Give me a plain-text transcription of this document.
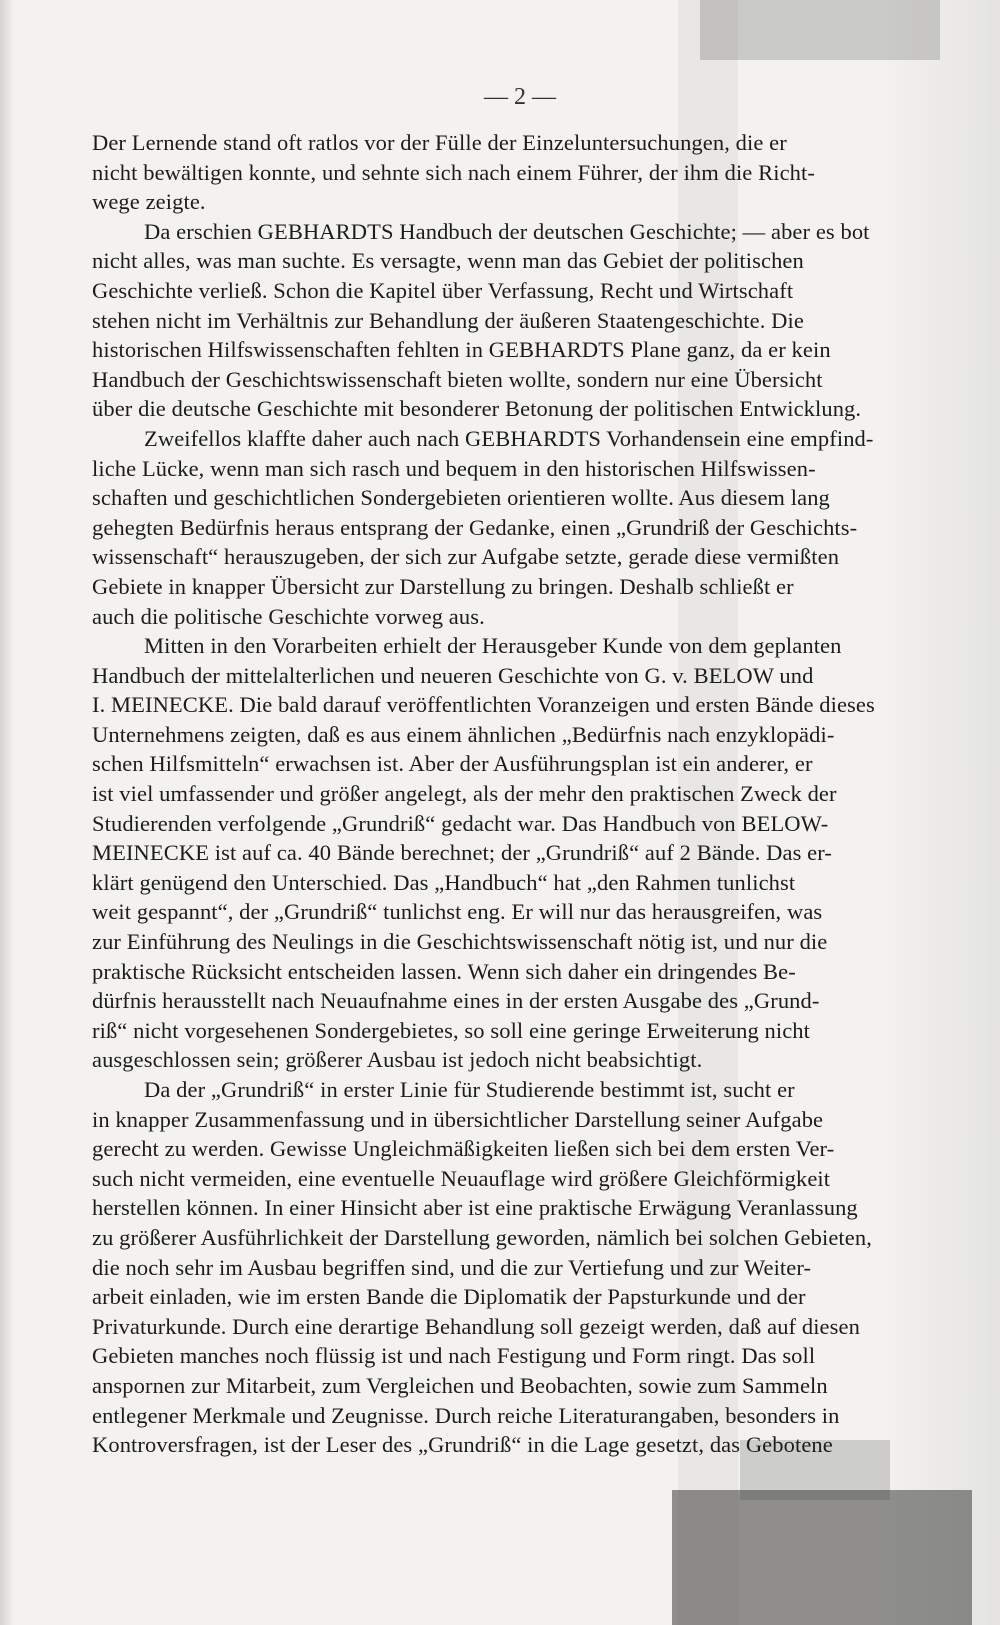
— 2 —
Der Lernende stand oft ratlos vor der Fülle der Einzeluntersuchungen, die er
nicht bewältigen konnte, und sehnte sich nach einem Führer, der ihm die Richt-
wege zeigte.
Da erschien GEBHARDTS Handbuch der deutschen Geschichte; — aber es bot
nicht alles, was man suchte. Es versagte, wenn man das Gebiet der politischen
Geschichte verließ. Schon die Kapitel über Verfassung, Recht und Wirtschaft
stehen nicht im Verhältnis zur Behandlung der äußeren Staatengeschichte. Die
historischen Hilfswissenschaften fehlten in GEBHARDTS Plane ganz, da er kein
Handbuch der Geschichtswissenschaft bieten wollte, sondern nur eine Übersicht
über die deutsche Geschichte mit besonderer Betonung der politischen Entwicklung.
Zweifellos klaffte daher auch nach GEBHARDTS Vorhandensein eine empfind-
liche Lücke, wenn man sich rasch und bequem in den historischen Hilfswissen-
schaften und geschichtlichen Sondergebieten orientieren wollte. Aus diesem lang
gehegten Bedürfnis heraus entsprang der Gedanke, einen „Grundriß der Geschichts-
wissenschaft“ herauszugeben, der sich zur Aufgabe setzte, gerade diese vermißten
Gebiete in knapper Übersicht zur Darstellung zu bringen. Deshalb schließt er
auch die politische Geschichte vorweg aus.
Mitten in den Vorarbeiten erhielt der Herausgeber Kunde von dem geplanten
Handbuch der mittelalterlichen und neueren Geschichte von G. v. BELOW und
I. MEINECKE. Die bald darauf veröffentlichten Voranzeigen und ersten Bände dieses
Unternehmens zeigten, daß es aus einem ähnlichen „Bedürfnis nach enzyklopädi-
schen Hilfsmitteln“ erwachsen ist. Aber der Ausführungsplan ist ein anderer, er
ist viel umfassender und größer angelegt, als der mehr den praktischen Zweck der
Studierenden verfolgende „Grundriß“ gedacht war. Das Handbuch von BELOW-
MEINECKE ist auf ca. 40 Bände berechnet; der „Grundriß“ auf 2 Bände. Das er-
klärt genügend den Unterschied. Das „Handbuch“ hat „den Rahmen tunlichst
weit gespannt“, der „Grundriß“ tunlichst eng. Er will nur das herausgreifen, was
zur Einführung des Neulings in die Geschichtswissenschaft nötig ist, und nur die
praktische Rücksicht entscheiden lassen. Wenn sich daher ein dringendes Be-
dürfnis herausstellt nach Neuaufnahme eines in der ersten Ausgabe des „Grund-
riß“ nicht vorgesehenen Sondergebietes, so soll eine geringe Erweiterung nicht
ausgeschlossen sein; größerer Ausbau ist jedoch nicht beabsichtigt.
Da der „Grundriß“ in erster Linie für Studierende bestimmt ist, sucht er
in knapper Zusammenfassung und in übersichtlicher Darstellung seiner Aufgabe
gerecht zu werden. Gewisse Ungleichmäßigkeiten ließen sich bei dem ersten Ver-
such nicht vermeiden, eine eventuelle Neuauflage wird größere Gleichförmigkeit
herstellen können. In einer Hinsicht aber ist eine praktische Erwägung Veranlassung
zu größerer Ausführlichkeit der Darstellung geworden, nämlich bei solchen Gebieten,
die noch sehr im Ausbau begriffen sind, und die zur Vertiefung und zur Weiter-
arbeit einladen, wie im ersten Bande die Diplomatik der Papsturkunde und der
Privaturkunde. Durch eine derartige Behandlung soll gezeigt werden, daß auf diesen
Gebieten manches noch flüssig ist und nach Festigung und Form ringt. Das soll
anspornen zur Mitarbeit, zum Vergleichen und Beobachten, sowie zum Sammeln
entlegener Merkmale und Zeugnisse. Durch reiche Literaturangaben, besonders in
Kontroversfragen, ist der Leser des „Grundriß“ in die Lage gesetzt, das Gebotene
